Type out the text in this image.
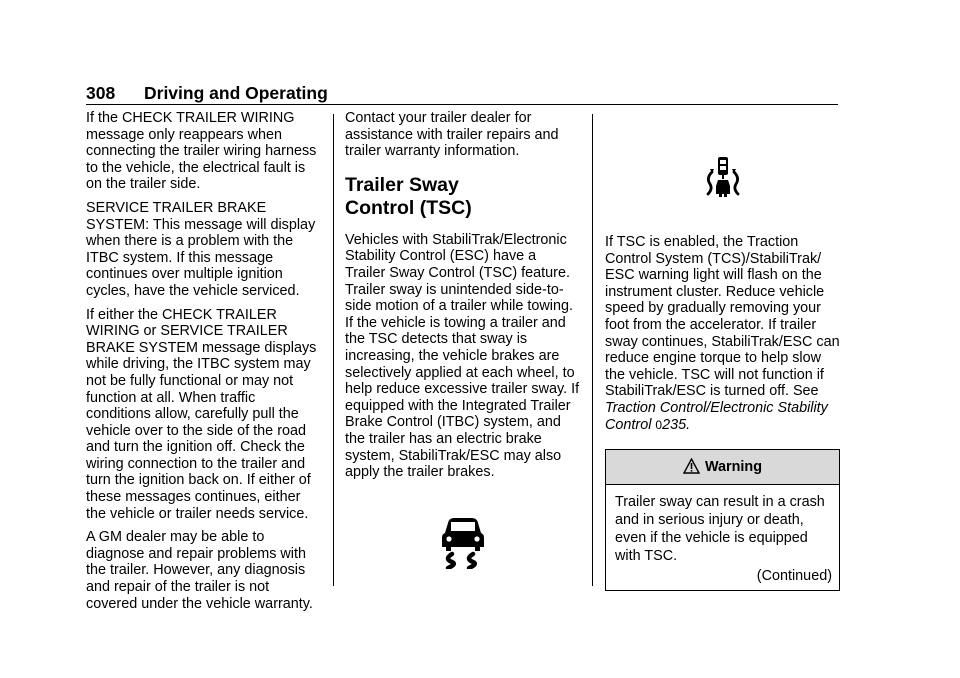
308 Driving and Operating

If the CHECK TRAILER WIRING message only reappears when connecting the trailer wiring harness to the vehicle, the electrical fault is on the trailer side.

SERVICE TRAILER BRAKE SYSTEM: This message will display when there is a problem with the ITBC system. If this message continues over multiple ignition cycles, have the vehicle serviced.

If either the CHECK TRAILER WIRING or SERVICE TRAILER BRAKE SYSTEM message displays while driving, the ITBC system may not be fully functional or may not function at all. When traffic conditions allow, carefully pull the vehicle over to the side of the road and turn the ignition off. Check the wiring connection to the trailer and turn the ignition back on. If either of these messages continues, either the vehicle or trailer needs service.

A GM dealer may be able to diagnose and repair problems with the trailer. However, any diagnosis and repair of the trailer is not covered under the vehicle warranty.

Contact your trailer dealer for assistance with trailer repairs and trailer warranty information.

Trailer Sway
Control (TSC)

Vehicles with StabiliTrak/Electronic Stability Control (ESC) have a Trailer Sway Control (TSC) feature. Trailer sway is unintended side-to-side motion of a trailer while towing. If the vehicle is towing a trailer and the TSC detects that sway is increasing, the vehicle brakes are selectively applied at each wheel, to help reduce excessive trailer sway. If equipped with the Integrated Trailer Brake Control (ITBC) system, and the trailer has an electric brake system, StabiliTrak/ESC may also apply the trailer brakes.

If TSC is enabled, the Traction Control System (TCS)/StabiliTrak/ ESC warning light will flash on the instrument cluster. Reduce vehicle speed by gradually removing your foot from the accelerator. If trailer sway continues, StabiliTrak/ESC can reduce engine torque to help slow the vehicle. TSC will not function if StabiliTrak/ESC is turned off. See Traction Control/Electronic Stability Control 0235.

Warning
Trailer sway can result in a crash and in serious injury or death, even if the vehicle is equipped with TSC.
(Continued)
